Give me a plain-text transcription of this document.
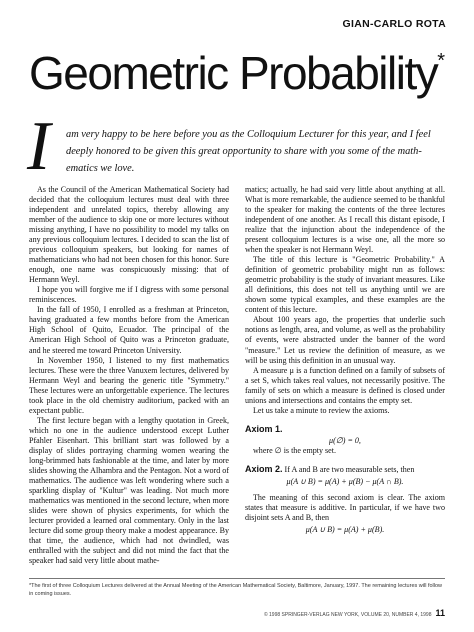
GIAN-CARLO ROTA
Geometric Probability*
I am very happy to be here before you as the Colloquium Lecturer for this year, and I feel
deeply honored to be given this great opportunity to share with you some of the math-
ematics we love.

As the Council of the American Mathematical Society had decided that the colloquium lectures must deal with three independent and unrelated topics, thereby allowing any member of the audience to skip one or more lectures without missing anything, I have no possibility to model my talks on any previous colloquium lectures. I decided to scan the list of previous colloquium speakers, but looking for names of mathematicians who had not been chosen for this honor. Sure enough, one name was conspicuously missing: that of Hermann Weyl.

I hope you will forgive me if I digress with some personal reminiscences.

In the fall of 1950, I enrolled as a freshman at Princeton, having graduated a few months before from the American High School of Quito, Ecuador. The principal of the American High School of Quito was a Princeton graduate, and he steered me toward Princeton University.

In November 1950, I listened to my first mathematics lectures. These were the three Vanuxem lectures, delivered by Hermann Weyl and bearing the generic title "Symmetry." These lectures were an unforgettable experience. The lectures took place in the old chemistry auditorium, packed with an expectant public.

The first lecture began with a lengthy quotation in Greek, which no one in the audience understood except Luther Pfahler Eisenhart. This brilliant start was followed by a display of slides portraying charming women wearing the long-brimmed hats fashionable at the time, and later by more slides showing the Alhambra and the Pentagon. Not a word of mathematics. The audience was left wondering where such a sparkling display of "Kultur" was leading. Not much more mathematics was mentioned in the second lecture, when more slides were shown of physics experiments, for which the lecturer provided a learned oral commentary. Only in the last lecture did some group theory make a modest appearance. By that time, the audience, which had not dwindled, was enthralled with the subject and did not mind the fact that the speaker had said very little about mathe-

matics; actually, he had said very little about anything at all. What is more remarkable, the audience seemed to be thankful to the speaker for making the contents of the three lectures independent of one another. As I recall this distant episode, I realize that the injunction about the independence of the present colloquium lectures is a wise one, all the more so when the speaker is not Hermann Weyl.

The title of this lecture is "Geometric Probability." A definition of geometric probability might run as follows: geometric probability is the study of invariant measures. Like all definitions, this does not tell us anything until we are shown some typical examples, and these examples are the content of this lecture.

About 100 years ago, the properties that underlie such notions as length, area, and volume, as well as the probability of events, were abstracted under the banner of the word "measure." Let us review the definition of measure, as we will be using this definition in an unusual way.

A measure μ is a function defined on a family of subsets of a set S, which takes real values, not necessarily positive. The family of sets on which a measure is defined is closed under unions and intersections and contains the empty set.

Let us take a minute to review the axioms.

Axiom 1.
μ(∅) = 0,
where ∅ is the empty set.
Axiom 2. If A and B are two measurable sets, then
μ(A ∪ B) = μ(A) + μ(B) − μ(A ∩ B).

The meaning of this second axiom is clear. The axiom states that measure is additive. In particular, if we have two disjoint sets A and B, then

μ(A ∪ B) = μ(A) + μ(B).
*The first of three Colloquium Lectures delivered at the Annual Meeting of the American Mathematical Society, Baltimore, January, 1997. The remaining lectures will follow in coming issues.
© 1998 SPRINGER-VERLAG NEW YORK, VOLUME 20, NUMBER 4, 1998 11
